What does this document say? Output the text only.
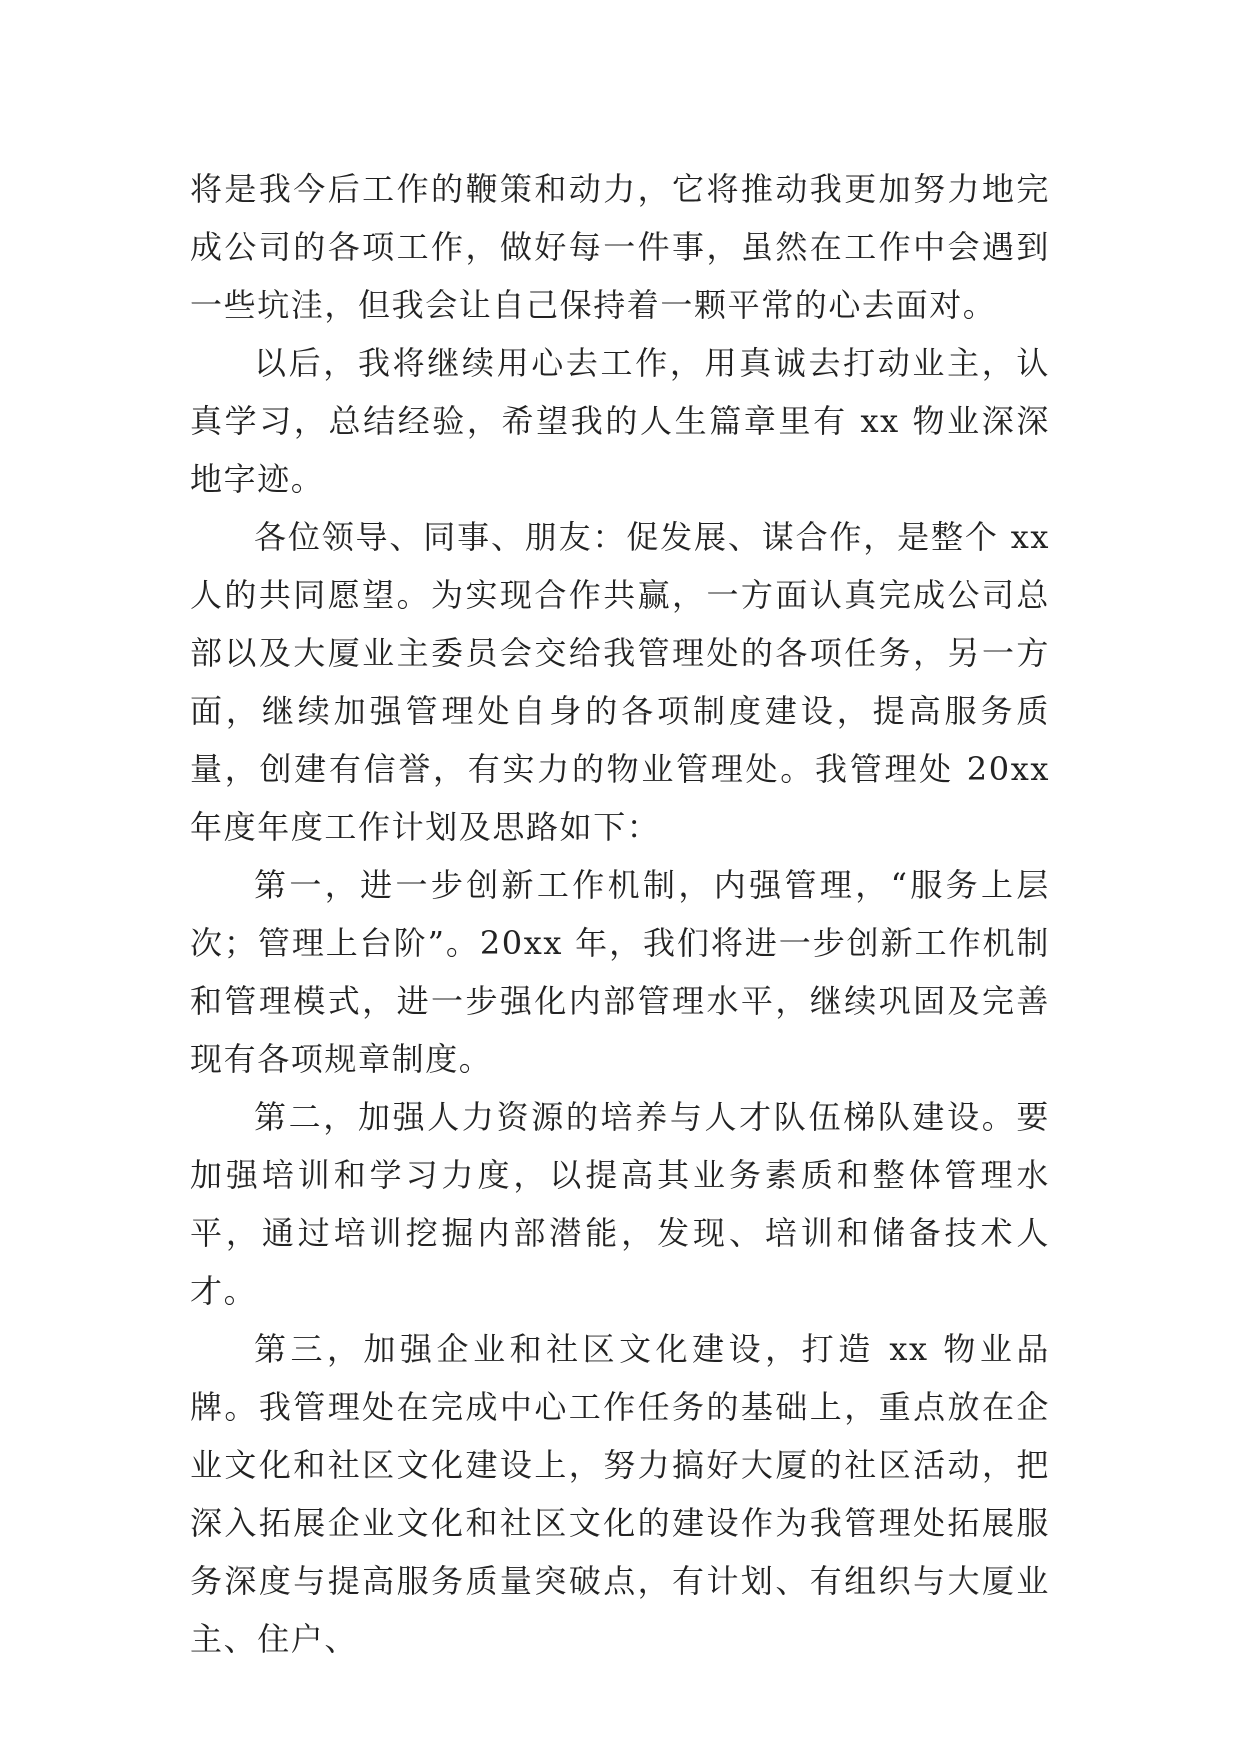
将是我今后工作的鞭策和动力，它将推动我更加努力地完成公司的各项工作，做好每一件事，虽然在工作中会遇到一些坑洼，但我会让自己保持着一颗平常的心去面对。

以后，我将继续用心去工作，用真诚去打动业主，认真学习，总结经验，希望我的人生篇章里有 xx 物业深深地字迹。

各位领导、同事、朋友：促发展、谋合作，是整个 xx 人的共同愿望。为实现合作共赢，一方面认真完成公司总部以及大厦业主委员会交给我管理处的各项任务，另一方面，继续加强管理处自身的各项制度建设，提高服务质量，创建有信誉，有实力的物业管理处。我管理处 20xx 年度年度工作计划及思路如下：

第一，进一步创新工作机制，内强管理，“服务上层次；管理上台阶”。20xx 年，我们将进一步创新工作机制和管理模式，进一步强化内部管理水平，继续巩固及完善现有各项规章制度。

第二，加强人力资源的培养与人才队伍梯队建设。要加强培训和学习力度，以提高其业务素质和整体管理水平，通过培训挖掘内部潜能，发现、培训和储备技术人才。

第三，加强企业和社区文化建设，打造 xx 物业品牌。我管理处在完成中心工作任务的基础上，重点放在企业文化和社区文化建设上，努力搞好大厦的社区活动，把深入拓展企业文化和社区文化的建设作为我管理处拓展服务深度与提高服务质量突破点，有计划、有组织与大厦业主、住户、
